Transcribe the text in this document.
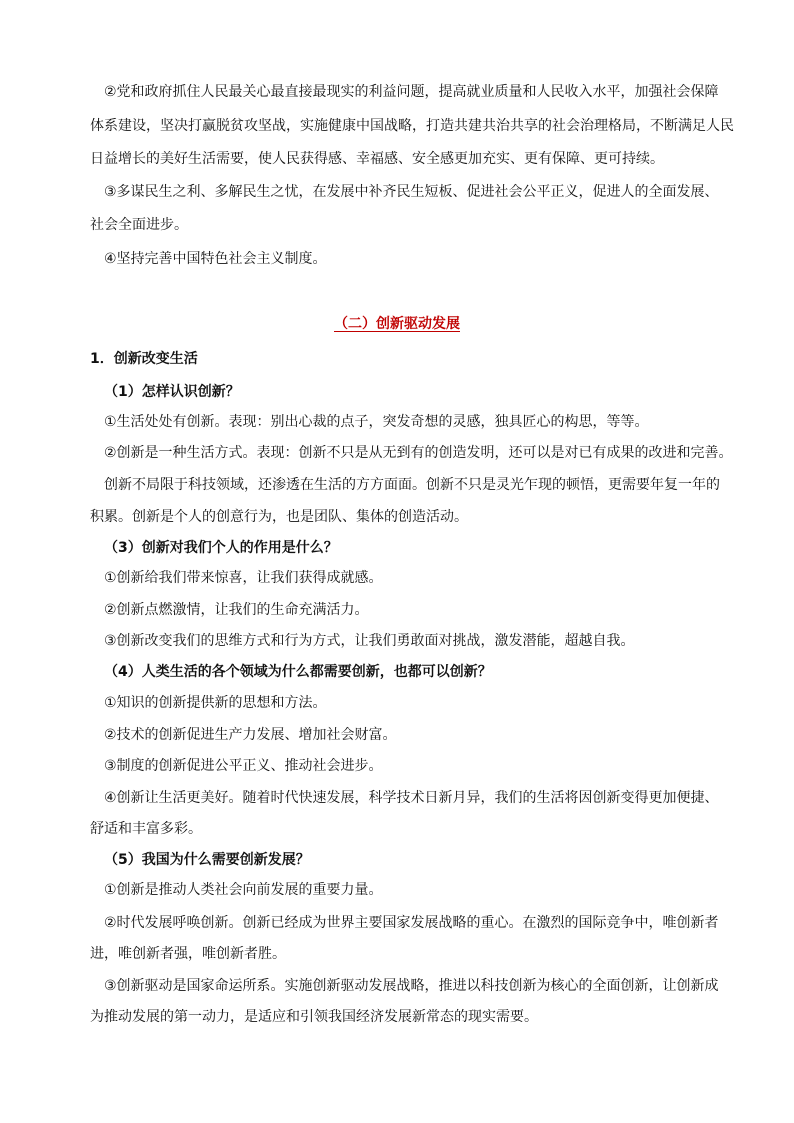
②党和政府抓住人民最关心最直接最现实的利益问题，提高就业质量和人民收入水平，加强社会保障
体系建设，坚决打赢脱贫攻坚战，实施健康中国战略，打造共建共治共享的社会治理格局，不断满足人民
日益增长的美好生活需要，使人民获得感、幸福感、安全感更加充实、更有保障、更可持续。
③多谋民生之利、多解民生之忧，在发展中补齐民生短板、促进社会公平正义，促进人的全面发展、
社会全面进步。
④坚持完善中国特色社会主义制度。
（二）创新驱动发展
1．创新改变生活
（1）怎样认识创新？
①生活处处有创新。表现：别出心裁的点子，突发奇想的灵感，独具匠心的构思，等等。
②创新是一种生活方式。表现：创新不只是从无到有的创造发明，还可以是对已有成果的改进和完善。
创新不局限于科技领域，还渗透在生活的方方面面。创新不只是灵光乍现的顿悟，更需要年复一年的
积累。创新是个人的创意行为，也是团队、集体的创造活动。
（3）创新对我们个人的作用是什么？
①创新给我们带来惊喜，让我们获得成就感。
②创新点燃激情，让我们的生命充满活力。
③创新改变我们的思维方式和行为方式，让我们勇敢面对挑战，激发潜能，超越自我。
（4）人类生活的各个领域为什么都需要创新，也都可以创新？
①知识的创新提供新的思想和方法。
②技术的创新促进生产力发展、增加社会财富。
③制度的创新促进公平正义、推动社会进步。
④创新让生活更美好。随着时代快速发展，科学技术日新月异，我们的生活将因创新变得更加便捷、
舒适和丰富多彩。
（5）我国为什么需要创新发展？
①创新是推动人类社会向前发展的重要力量。
②时代发展呼唤创新。创新已经成为世界主要国家发展战略的重心。在激烈的国际竞争中，唯创新者
进，唯创新者强，唯创新者胜。
③创新驱动是国家命运所系。实施创新驱动发展战略，推进以科技创新为核心的全面创新，让创新成
为推动发展的第一动力，是适应和引领我国经济发展新常态的现实需要。
